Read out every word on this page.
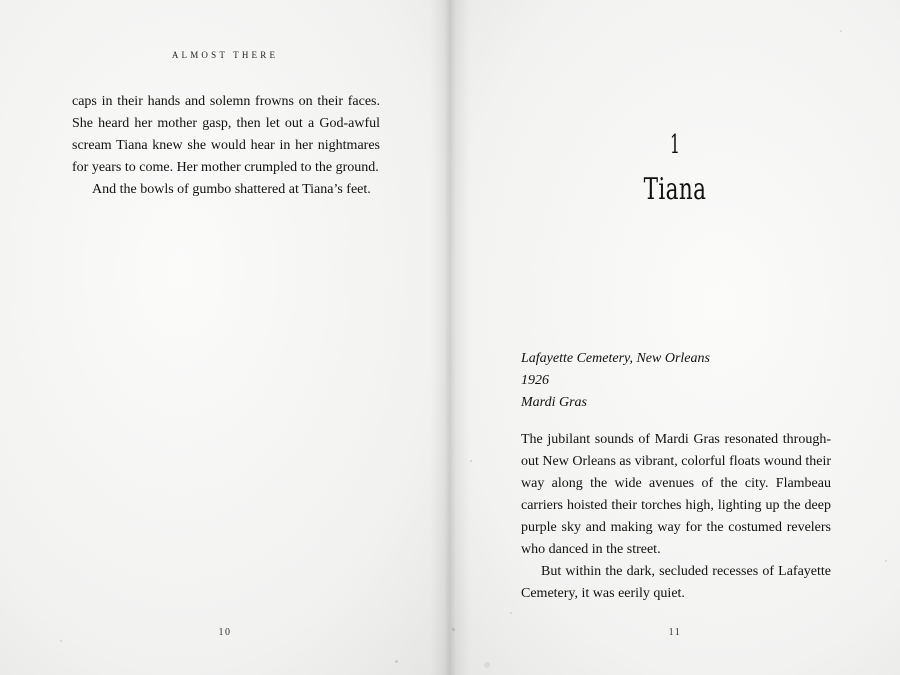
ALMOST THERE

caps in their hands and solemn frowns on their faces. She heard her mother gasp, then let out a God-awful scream Tiana knew she would hear in her nightmares for years to come. Her mother crumpled to the ground.

And the bowls of gumbo shattered at Tiana’s feet.

10
1
Tiana
Lafayette Cemetery, New Orleans
1926
Mardi Gras

The jubilant sounds of Mardi Gras resonated through-out New Orleans as vibrant, colorful floats wound their way along the wide avenues of the city. Flambeau carriers hoisted their torches high, lighting up the deep purple sky and making way for the costumed revelers who danced in the street.

But within the dark, secluded recesses of Lafayette Cemetery, it was eerily quiet.

11
